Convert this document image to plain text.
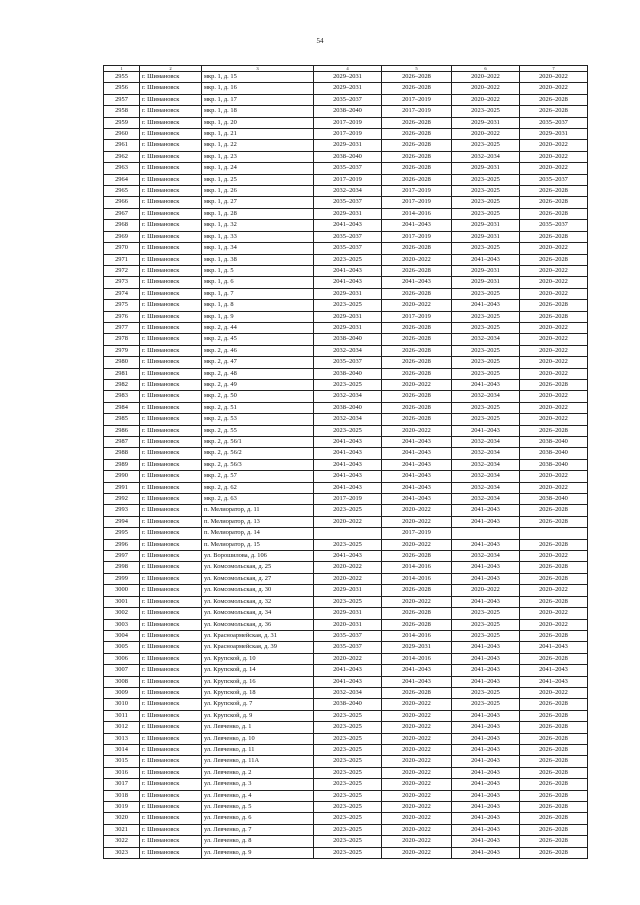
54
1	2	3	4	5	6	7
2955	г. Шимановск	мкр. 1, д. 15	2029–2031	2026–2028	2020–2022	2020–2022
2956	г. Шимановск	мкр. 1, д. 16	2029–2031	2026–2028	2020–2022	2020–2022
2957	г. Шимановск	мкр. 1, д. 17	2035–2037	2017–2019	2020–2022	2026–2028
2958	г. Шимановск	мкр. 1, д. 18	2038–2040	2017–2019	2023–2025	2026–2028
2959	г. Шимановск	мкр. 1, д. 20	2017–2019	2026–2028	2029–2031	2035–2037
2960	г. Шимановск	мкр. 1, д. 21	2017–2019	2026–2028	2020–2022	2029–2031
2961	г. Шимановск	мкр. 1, д. 22	2029–2031	2026–2028	2023–2025	2020–2022
2962	г. Шимановск	мкр. 1, д. 23	2038–2040	2026–2028	2032–2034	2020–2022
2963	г. Шимановск	мкр. 1, д. 24	2035–2037	2026–2028	2029–2031	2020–2022
2964	г. Шимановск	мкр. 1, д. 25	2017–2019	2026–2028	2023–2025	2035–2037
2965	г. Шимановск	мкр. 1, д. 26	2032–2034	2017–2019	2023–2025	2026–2028
2966	г. Шимановск	мкр. 1, д. 27	2035–2037	2017–2019	2023–2025	2026–2028
2967	г. Шимановск	мкр. 1, д. 28	2029–2031	2014–2016	2023–2025	2026–2028
2968	г. Шимановск	мкр. 1, д. 32	2041–2043	2041–2043	2029–2031	2035–2037
2969	г. Шимановск	мкр. 1, д. 33	2035–2037	2017–2019	2029–2031	2026–2028
2970	г. Шимановск	мкр. 1, д. 34	2035–2037	2026–2028	2023–2025	2020–2022
2971	г. Шимановск	мкр. 1, д. 38	2023–2025	2020–2022	2041–2043	2026–2028
2972	г. Шимановск	мкр. 1, д. 5	2041–2043	2026–2028	2029–2031	2020–2022
2973	г. Шимановск	мкр. 1, д. 6	2041–2043	2041–2043	2029–2031	2020–2022
2974	г. Шимановск	мкр. 1, д. 7	2029–2031	2026–2028	2023–2025	2020–2022
2975	г. Шимановск	мкр. 1, д. 8	2023–2025	2020–2022	2041–2043	2026–2028
2976	г. Шимановск	мкр. 1, д. 9	2029–2031	2017–2019	2023–2025	2026–2028
2977	г. Шимановск	мкр. 2, д. 44	2029–2031	2026–2028	2023–2025	2020–2022
2978	г. Шимановск	мкр. 2, д. 45	2038–2040	2026–2028	2032–2034	2020–2022
2979	г. Шимановск	мкр. 2, д. 46	2032–2034	2026–2028	2023–2025	2020–2022
2980	г. Шимановск	мкр. 2, д. 47	2035–2037	2026–2028	2023–2025	2020–2022
2981	г. Шимановск	мкр. 2, д. 48	2038–2040	2026–2028	2023–2025	2020–2022
2982	г. Шимановск	мкр. 2, д. 49	2023–2025	2020–2022	2041–2043	2026–2028
2983	г. Шимановск	мкр. 2, д. 50	2032–2034	2026–2028	2032–2034	2020–2022
2984	г. Шимановск	мкр. 2, д. 51	2038–2040	2026–2028	2023–2025	2020–2022
2985	г. Шимановск	мкр. 2, д. 53	2032–2034	2026–2028	2023–2025	2020–2022
2986	г. Шимановск	мкр. 2, д. 55	2023–2025	2020–2022	2041–2043	2026–2028
2987	г. Шимановск	мкр. 2, д. 56/1	2041–2043	2041–2043	2032–2034	2038–2040
2988	г. Шимановск	мкр. 2, д. 56/2	2041–2043	2041–2043	2032–2034	2038–2040
2989	г. Шимановск	мкр. 2, д. 56/3	2041–2043	2041–2043	2032–2034	2038–2040
2990	г. Шимановск	мкр. 2, д. 57	2041–2043	2041–2043	2032–2034	2020–2022
2991	г. Шимановск	мкр. 2, д. 62	2041–2043	2041–2043	2032–2034	2020–2022
2992	г. Шимановск	мкр. 2, д. 63	2017–2019	2041–2043	2032–2034	2038–2040
2993	г. Шимановск	п. Мелиоратор, д. 11	2023–2025	2020–2022	2041–2043	2026–2028
2994	г. Шимановск	п. Мелиоратор, д. 13	2020–2022	2020–2022	2041–2043	2026–2028
2995	г. Шимановск	п. Мелиоратор, д. 14		2017–2019		
2996	г. Шимановск	п. Мелиоратор, д. 15	2023–2025	2020–2022	2041–2043	2026–2028
2997	г. Шимановск	ул. Ворошилова, д. 106	2041–2043	2026–2028	2032–2034	2020–2022
2998	г. Шимановск	ул. Комсомольская, д. 25	2020–2022	2014–2016	2041–2043	2026–2028
2999	г. Шимановск	ул. Комсомольская, д. 27	2020–2022	2014–2016	2041–2043	2026–2028
3000	г. Шимановск	ул. Комсомольская, д. 30	2029–2031	2026–2028	2020–2022	2020–2022
3001	г. Шимановск	ул. Комсомольская, д. 32	2023–2025	2020–2022	2041–2043	2026–2028
3002	г. Шимановск	ул. Комсомольская, д. 34	2029–2031	2026–2028	2023–2025	2020–2022
3003	г. Шимановск	ул. Комсомольская, д. 36	2020–2031	2026–2028	2023–2025	2020–2022
3004	г. Шимановск	ул. Красноармейская, д. 31	2035–2037	2014–2016	2023–2025	2026–2028
3005	г. Шимановск	ул. Красноармейская, д. 39	2035–2037	2029–2031	2041–2043	2041–2043
3006	г. Шимановск	ул. Крупской, д. 10	2020–2022	2014–2016	2041–2043	2026–2028
3007	г. Шимановск	ул. Крупской, д. 14	2041–2043	2041–2043	2041–2043	2041–2043
3008	г. Шимановск	ул. Крупской, д. 16	2041–2043	2041–2043	2041–2043	2041–2043
3009	г. Шимановск	ул. Крупской, д. 18	2032–2034	2026–2028	2023–2025	2020–2022
3010	г. Шимановск	ул. Крупской, д. 7	2038–2040	2020–2022	2023–2025	2026–2028
3011	г. Шимановск	ул. Крупской, д. 9	2023–2025	2020–2022	2041–2043	2026–2028
3012	г. Шимановск	ул. Левченко, д. 1	2023–2025	2020–2022	2041–2043	2026–2028
3013	г. Шимановск	ул. Левченко, д. 10	2023–2025	2020–2022	2041–2043	2026–2028
3014	г. Шимановск	ул. Левченко, д. 11	2023–2025	2020–2022	2041–2043	2026–2028
3015	г. Шимановск	ул. Левченко, д. 11А	2023–2025	2020–2022	2041–2043	2026–2028
3016	г. Шимановск	ул. Левченко, д. 2	2023–2025	2020–2022	2041–2043	2026–2028
3017	г. Шимановск	ул. Левченко, д. 3	2023–2025	2020–2022	2041–2043	2026–2028
3018	г. Шимановск	ул. Левченко, д. 4	2023–2025	2020–2022	2041–2043	2026–2028
3019	г. Шимановск	ул. Левченко, д. 5	2023–2025	2020–2022	2041–2043	2026–2028
3020	г. Шимановск	ул. Левченко, д. 6	2023–2025	2020–2022	2041–2043	2026–2028
3021	г. Шимановск	ул. Левченко, д. 7	2023–2025	2020–2022	2041–2043	2026–2028
3022	г. Шимановск	ул. Левченко, д. 8	2023–2025	2020–2022	2041–2043	2026–2028
3023	г. Шимановск	ул. Левченко, д. 9	2023–2025	2020–2022	2041–2043	2026–2028
